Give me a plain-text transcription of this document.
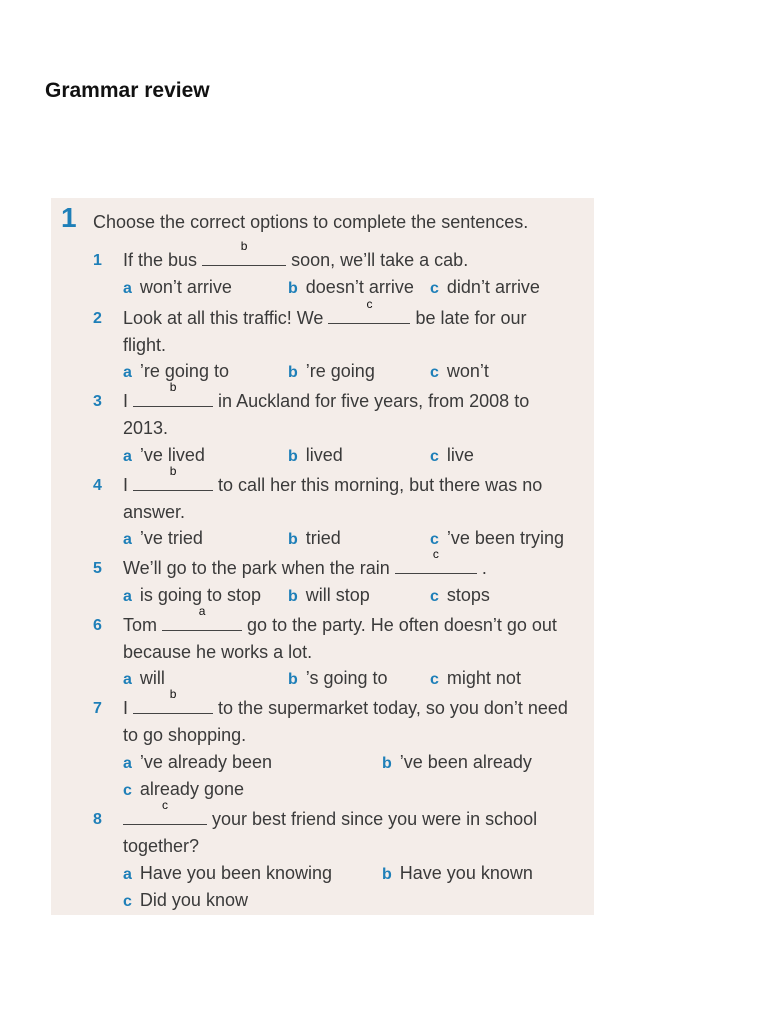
Grammar review
1 Choose the correct options to complete the sentences.
1 If the bus
b
soon, we’ll take a cab.
a won’t arrive	b doesn’t arrive c didn’t arrive
2 Look at all this traffic! We
c
be late for our
flight.
a ’re going to	b ’re going	c won’t
3 I
b
in Auckland for five years, from 2008 to
2013.
a ’ve lived	b lived	c live
4 I
b
to call her this morning, but there was no
answer.
a ’ve tried	b tried	c ’ve been trying
5 We’ll go to the park when the rain
c
.
a is going to stop b will stop	c stops
6 Tom
a
go to the party. He often doesn’t go out
because he works a lot.
a will	b ’s going to	c might not
7 I
b
to the supermarket today, so you don’t need
to go shopping.
a ’ve already been	b ’ve been already
c already gone
8
c
your best friend since you were in school
together?
a Have you been knowing	b Have you known
c Did you know
